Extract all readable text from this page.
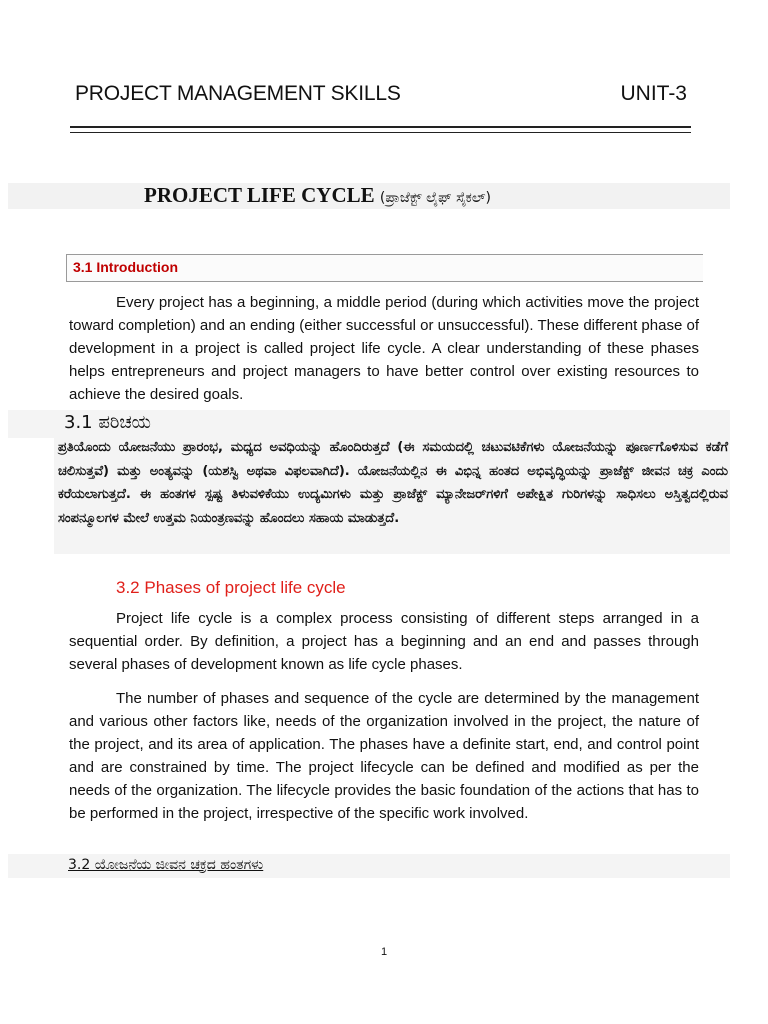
PROJECT MANAGEMENT SKILLS	UNIT-3
PROJECT LIFE CYCLE (ಪ್ರಾಜೆಕ್ಟ್ ಲೈಫ್ ಸೈಕಲ್)
3.1 Introduction
Every project has a beginning, a middle period (during which activities move the project toward completion) and an ending (either successful or unsuccessful). These different phase of development in a project is called project life cycle. A clear understanding of these phases helps entrepreneurs and project managers to have better control over existing resources to achieve the desired goals.
3.1 ಪರಿಚಯ
ಪ್ರತಿಯೊಂದು ಯೋಜನೆಯು ಪ್ರಾರಂಭ, ಮಧ್ಯದ ಅವಧಿಯನ್ನು ಹೊಂದಿರುತ್ತದೆ (ಈ ಸಮಯದಲ್ಲಿ ಚಟುವಟಿಕೆಗಳು ಯೋಜನೆಯನ್ನು ಪೂರ್ಣಗೊಳಿಸುವ ಕಡೆಗೆ ಚಲಿಸುತ್ತವೆ) ಮತ್ತು ಅಂತ್ಯವನ್ನು (ಯಶಸ್ವಿ ಅಥವಾ ವಿಫಲವಾಗಿದೆ). ಯೋಜನೆಯಲ್ಲಿನ ಈ ವಿಭಿನ್ನ ಹಂತದ ಅಭಿವೃದ್ಧಿಯನ್ನು ಪ್ರಾಜೆಕ್ಟ್ ಜೀವನ ಚಕ್ರ ಎಂದು ಕರೆಯಲಾಗುತ್ತದೆ. ಈ ಹಂತಗಳ ಸ್ಪಷ್ಟ ತಿಳುವಳಿಕೆಯು ಉದ್ಯಮಿಗಳು ಮತ್ತು ಪ್ರಾಜೆಕ್ಟ್ ಮ್ಯಾನೇಜರ್‌ಗಳಿಗೆ ಅಪೇಕ್ಷಿತ ಗುರಿಗಳನ್ನು ಸಾಧಿಸಲು ಅಸ್ತಿತ್ವದಲ್ಲಿರುವ ಸಂಪನ್ಮೂಲಗಳ ಮೇಲೆ ಉತ್ತಮ ನಿಯಂತ್ರಣವನ್ನು ಹೊಂದಲು ಸಹಾಯ ಮಾಡುತ್ತದೆ.
3.2 Phases of project life cycle
Project life cycle is a complex process consisting of different steps arranged in a sequential order. By definition, a project has a beginning and an end and passes through several phases of development known as life cycle phases.
The number of phases and sequence of the cycle are determined by the management and various other factors like, needs of the organization involved in the project, the nature of the project, and its area of application. The phases have a definite start, end, and control point and are constrained by time. The project lifecycle can be defined and modified as per the needs of the organization. The lifecycle provides the basic foundation of the actions that has to be performed in the project, irrespective of the specific work involved.
3.2 ಯೋಜನೆಯ ಜೀವನ ಚಕ್ರದ ಹಂತಗಳು
1
